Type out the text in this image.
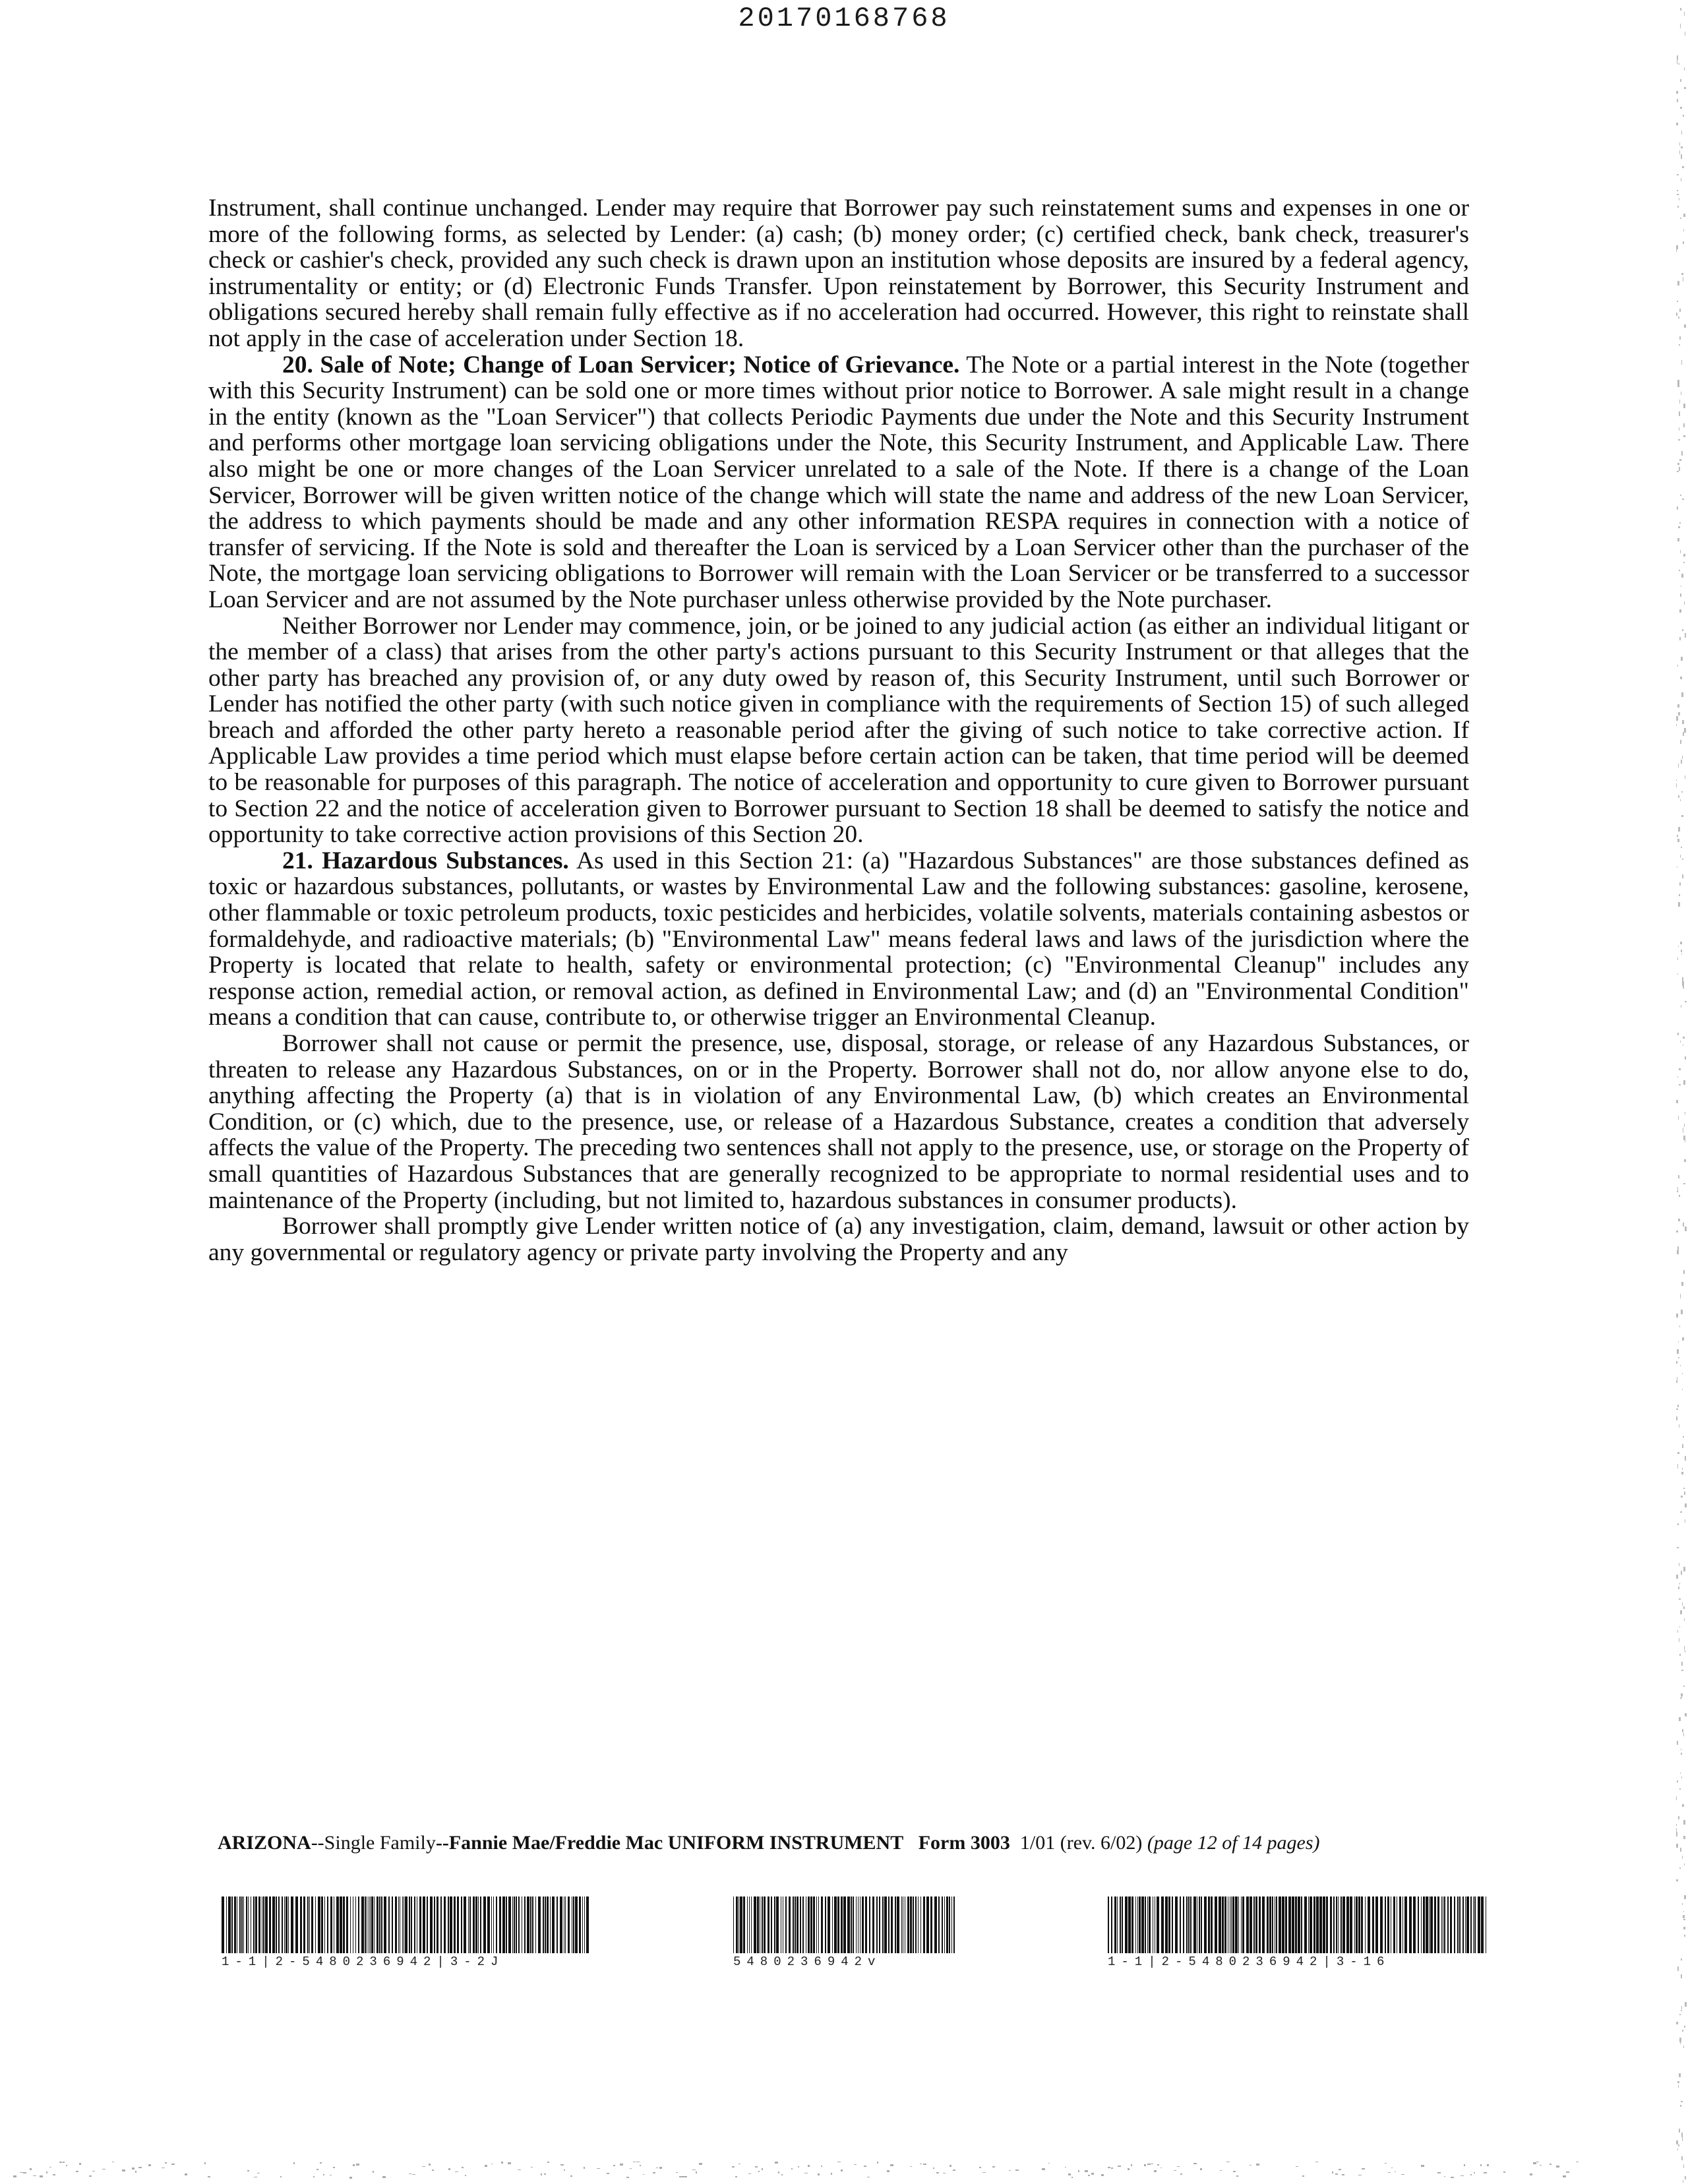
20170168768

Instrument, shall continue unchanged. Lender may require that Borrower pay such reinstatement sums and expenses in one or more of the following forms, as selected by Lender: (a) cash; (b) money order; (c) certified check, bank check, treasurer's check or cashier's check, provided any such check is drawn upon an institution whose deposits are insured by a federal agency, instrumentality or entity; or (d) Electronic Funds Transfer. Upon reinstatement by Borrower, this Security Instrument and obligations secured hereby shall remain fully effective as if no acceleration had occurred. However, this right to reinstate shall not apply in the case of acceleration under Section 18.

20. Sale of Note; Change of Loan Servicer; Notice of Grievance. The Note or a partial interest in the Note (together with this Security Instrument) can be sold one or more times without prior notice to Borrower. A sale might result in a change in the entity (known as the "Loan Servicer") that collects Periodic Payments due under the Note and this Security Instrument and performs other mortgage loan servicing obligations under the Note, this Security Instrument, and Applicable Law. There also might be one or more changes of the Loan Servicer unrelated to a sale of the Note. If there is a change of the Loan Servicer, Borrower will be given written notice of the change which will state the name and address of the new Loan Servicer, the address to which payments should be made and any other information RESPA requires in connection with a notice of transfer of servicing. If the Note is sold and thereafter the Loan is serviced by a Loan Servicer other than the purchaser of the Note, the mortgage loan servicing obligations to Borrower will remain with the Loan Servicer or be transferred to a successor Loan Servicer and are not assumed by the Note purchaser unless otherwise provided by the Note purchaser.

Neither Borrower nor Lender may commence, join, or be joined to any judicial action (as either an individual litigant or the member of a class) that arises from the other party's actions pursuant to this Security Instrument or that alleges that the other party has breached any provision of, or any duty owed by reason of, this Security Instrument, until such Borrower or Lender has notified the other party (with such notice given in compliance with the requirements of Section 15) of such alleged breach and afforded the other party hereto a reasonable period after the giving of such notice to take corrective action. If Applicable Law provides a time period which must elapse before certain action can be taken, that time period will be deemed to be reasonable for purposes of this paragraph. The notice of acceleration and opportunity to cure given to Borrower pursuant to Section 22 and the notice of acceleration given to Borrower pursuant to Section 18 shall be deemed to satisfy the notice and opportunity to take corrective action provisions of this Section 20.

21. Hazardous Substances. As used in this Section 21: (a) "Hazardous Substances" are those substances defined as toxic or hazardous substances, pollutants, or wastes by Environmental Law and the following substances: gasoline, kerosene, other flammable or toxic petroleum products, toxic pesticides and herbicides, volatile solvents, materials containing asbestos or formaldehyde, and radioactive materials; (b) "Environmental Law" means federal laws and laws of the jurisdiction where the Property is located that relate to health, safety or environmental protection; (c) "Environmental Cleanup" includes any response action, remedial action, or removal action, as defined in Environmental Law; and (d) an "Environmental Condition" means a condition that can cause, contribute to, or otherwise trigger an Environmental Cleanup.

Borrower shall not cause or permit the presence, use, disposal, storage, or release of any Hazardous Substances, or threaten to release any Hazardous Substances, on or in the Property. Borrower shall not do, nor allow anyone else to do, anything affecting the Property (a) that is in violation of any Environmental Law, (b) which creates an Environmental Condition, or (c) which, due to the presence, use, or release of a Hazardous Substance, creates a condition that adversely affects the value of the Property. The preceding two sentences shall not apply to the presence, use, or storage on the Property of small quantities of Hazardous Substances that are generally recognized to be appropriate to normal residential uses and to maintenance of the Property (including, but not limited to, hazardous substances in consumer products).

Borrower shall promptly give Lender written notice of (a) any investigation, claim, demand, lawsuit or other action by any governmental or regulatory agency or private party involving the Property and any

ARIZONA--Single Family--Fannie Mae/Freddie Mac UNIFORM INSTRUMENT Form 3003 1/01 (rev. 6/02) (page 12 of 14 pages)
1-1|2-5480236942|3-2J	5480236942v	1-1|2-5480236942|3-16
